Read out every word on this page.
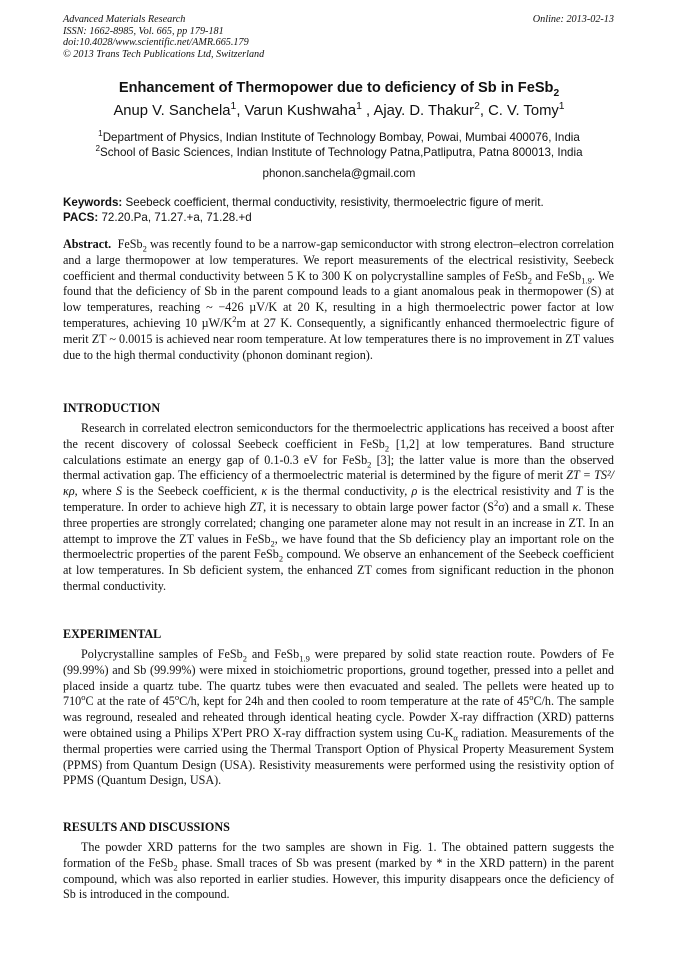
Advanced Materials Research
ISSN: 1662-8985, Vol. 665, pp 179-181
doi:10.4028/www.scientific.net/AMR.665.179
© 2013 Trans Tech Publications Ltd, Switzerland
Online: 2013-02-13
Enhancement of Thermopower due to deficiency of Sb in FeSb$_2$
Anup V. Sanchela$^1$, Varun Kushwaha$^1$ , Ajay. D. Thakur$^2$, C. V. Tomy$^1$
$^1$Department of Physics, Indian Institute of Technology Bombay, Powai, Mumbai 400076, India
$^2$School of Basic Sciences, Indian Institute of Technology Patna,Patliputra, Patna 800013, India
phonon.sanchela@gmail.com
Keywords: Seebeck coefficient, thermal conductivity, resistivity, thermoelectric figure of merit.
PACS: 72.20.Pa, 71.27.+a, 71.28.+d

Abstract. FeSb$_2$ was recently found to be a narrow-gap semiconductor with strong electron–electron correlation and a large thermopower at low temperatures. We report measurements of the electrical resistivity, Seebeck coefficient and thermal conductivity between 5 K to 300 K on polycrystalline samples of FeSb$_2$ and FeSb$_{1.9}$. We found that the deficiency of Sb in the parent compound leads to a giant anomalous peak in thermopower (S) at low temperatures, reaching ~ −426 µV/K at 20 K, resulting in a high thermoelectric power factor at low temperatures, achieving 10 $\mu W/K^2m$ at 27 K. Consequently, a significantly enhanced thermoelectric figure of merit ZT ~ 0.0015 is achieved near room temperature. At low temperatures there is no improvement in ZT values due to the high thermal conductivity (phonon dominant region).

INTRODUCTION

Research in correlated electron semiconductors for the thermoelectric applications has received a boost after the recent discovery of colossal Seebeck coefficient in FeSb$_2$ [1,2] at low temperatures. Band structure calculations estimate an energy gap of 0.1-0.3 eV for FeSb$_2$ [3]; the latter value is more than the observed thermal activation gap. The efficiency of a thermoelectric material is determined by the figure of merit ZT = TS²/κρ, where S is the Seebeck coefficient, κ is the thermal conductivity, ρ is the electrical resistivity and T is the temperature. In order to achieve high ZT, it is necessary to obtain large power factor $(S^2\sigma)$ and a small κ. These three properties are strongly correlated; changing one parameter alone may not result in an increase in ZT. In an attempt to improve the ZT values in FeSb$_2$, we have found that the Sb deficiency play an important role on the thermoelectric properties of the parent FeSb$_2$ compound. We observe an enhancement of the Seebeck coefficient at low temperatures. In Sb deficient system, the enhanced ZT comes from significant reduction in the phonon thermal conductivity.

EXPERIMENTAL

Polycrystalline samples of FeSb$_2$ and FeSb$_{1.9}$ were prepared by solid state reaction route. Powders of Fe (99.99%) and Sb (99.99%) were mixed in stoichiometric proportions, ground together, pressed into a pellet and placed inside a quartz tube. The quartz tubes were then evacuated and sealed. The pellets were heated up to 710$^o$C at the rate of 45$^o$C/h, kept for 24h and then cooled to room temperature at the rate of 45$^o$C/h. The sample was reground, resealed and reheated through identical heating cycle. Powder X-ray diffraction (XRD) patterns were obtained using a Philips X'Pert PRO X-ray diffraction system using $Cu-K_\alpha$ radiation. Measurements of the thermal properties were carried using the Thermal Transport Option of Physical Property Measurement System (PPMS) from Quantum Design (USA). Resistivity measurements were performed using the resistivity option of PPMS (Quantum Design, USA).

RESULTS AND DISCUSSIONS

The powder XRD patterns for the two samples are shown in Fig. 1. The obtained pattern suggests the formation of the FeSb$_2$ phase. Small traces of Sb was present (marked by * in the XRD pattern) in the parent compound, which was also reported in earlier studies. However, this impurity disappears once the deficiency of Sb is introduced in the compound.
